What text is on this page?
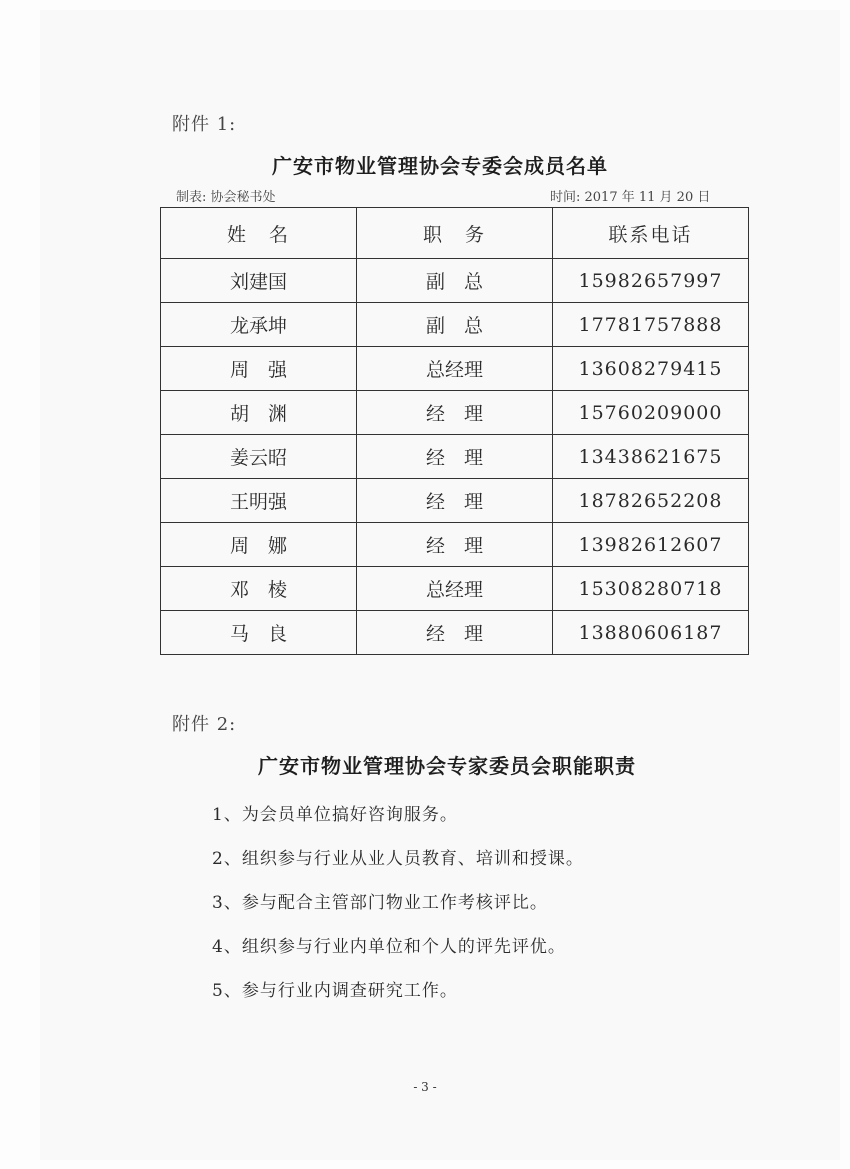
附件 1:
广安市物业管理协会专委会成员名单
制表: 协会秘书处	时间: 2017 年 11 月 20 日
姓　名	职　务	联系电话
刘建国	副　总	15982657997
龙承坤	副　总	17781757888
周　强	总经理	13608279415
胡　渊	经　理	15760209000
姜云昭	经　理	13438621675
王明强	经　理	18782652208
周　娜	经　理	13982612607
邓　棱	总经理	15308280718
马　良	经　理	13880606187
附件 2:
广安市物业管理协会专家委员会职能职责
1、为会员单位搞好咨询服务。
2、组织参与行业从业人员教育、培训和授课。
3、参与配合主管部门物业工作考核评比。
4、组织参与行业内单位和个人的评先评优。
5、参与行业内调查研究工作。
- 3 -
